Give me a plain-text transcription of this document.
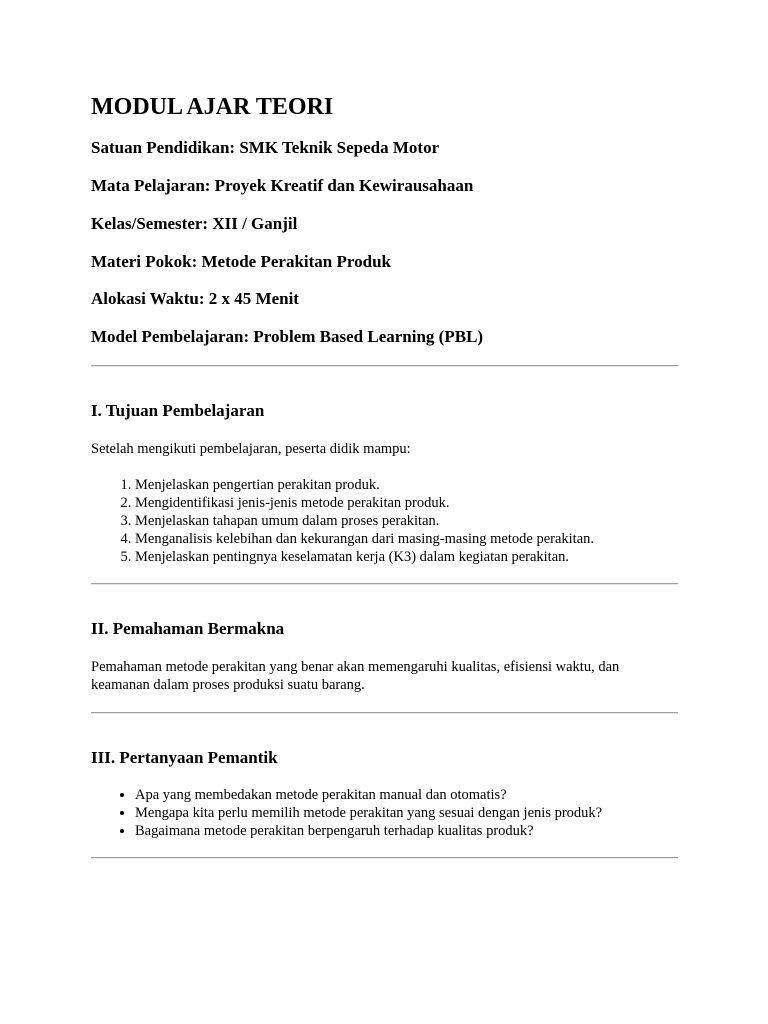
MODUL AJAR TEORI

Satuan Pendidikan: SMK Teknik Sepeda Motor

Mata Pelajaran: Proyek Kreatif dan Kewirausahaan

Kelas/Semester: XII / Ganjil

Materi Pokok: Metode Perakitan Produk

Alokasi Waktu: 2 x 45 Menit

Model Pembelajaran: Problem Based Learning (PBL)

I. Tujuan Pembelajaran

Setelah mengikuti pembelajaran, peserta didik mampu:

1. Menjelaskan pengertian perakitan produk.
2. Mengidentifikasi jenis-jenis metode perakitan produk.
3. Menjelaskan tahapan umum dalam proses perakitan.
4. Menganalisis kelebihan dan kekurangan dari masing-masing metode perakitan.
5. Menjelaskan pentingnya keselamatan kerja (K3) dalam kegiatan perakitan.
II. Pemahaman Bermakna

Pemahaman metode perakitan yang benar akan memengaruhi kualitas, efisiensi waktu, dan keamanan dalam proses produksi suatu barang.

III. Pertanyaan Pemantik
• Apa yang membedakan metode perakitan manual dan otomatis?
• Mengapa kita perlu memilih metode perakitan yang sesuai dengan jenis produk?
• Bagaimana metode perakitan berpengaruh terhadap kualitas produk?
